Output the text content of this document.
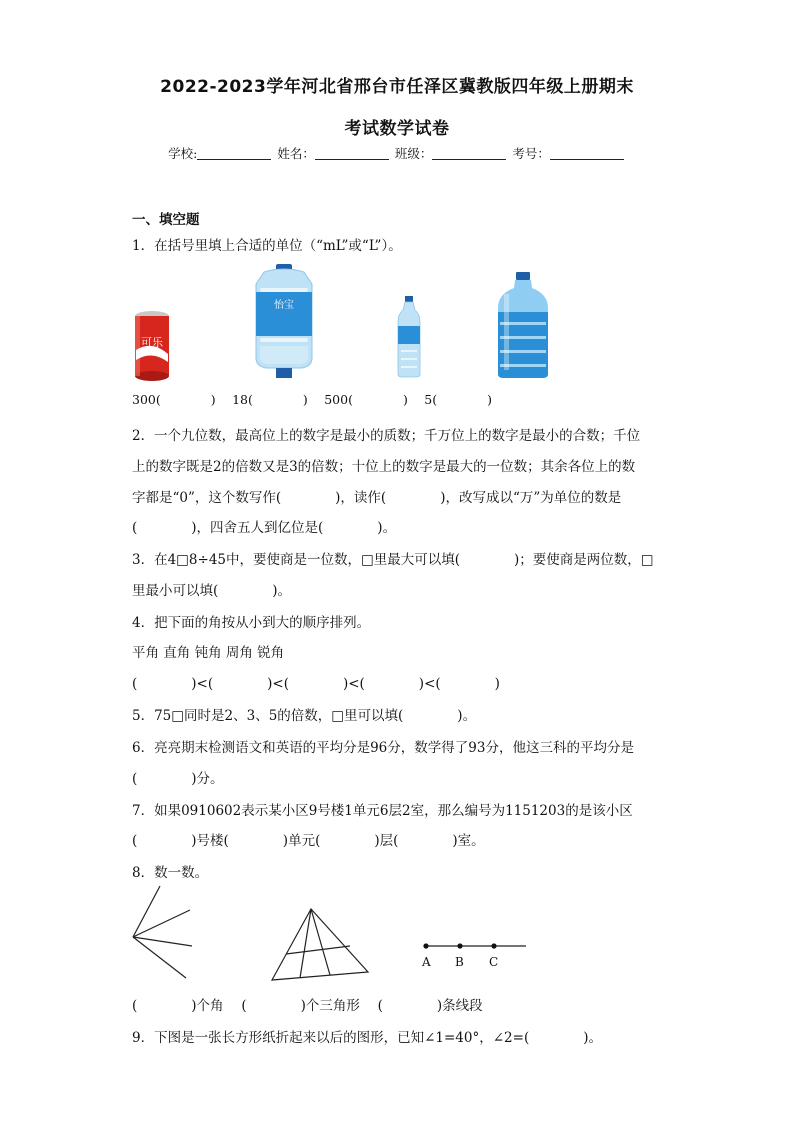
2022-2023学年河北省邢台市任泽区冀教版四年级上册期末
考试数学试卷
学校:	姓名：	班级：	考号：
一、填空题
1．在括号里填上合适的单位（“mL”或“L”）。
可乐
怡宝
300(　　　　)　 18(　　　　)　 500(　　　　)　 5(　　　　)
2．一个九位数，最高位上的数字是最小的质数；千万位上的数字是最小的合数；千位
上的数字既是2的倍数又是3的倍数；十位上的数字是最大的一位数；其余各位上的数
字都是“0”，这个数写作(　　　　)，读作(　　　　)，改写成以“万”为单位的数是
(　　　　)，四舍五人到亿位是(　　　　)。
3．在4□8÷45中，要使商是一位数，□里最大可以填(　　　　)；要使商是两位数，□
里最小可以填(　　　　)。
4．把下面的角按从小到大的顺序排列。
平角 直角 钝角 周角 锐角
(　　　　)<(　　　　)<(　　　　)<(　　　　)<(　　　　)
5．75□同时是2、3、5的倍数，□里可以填(　　　　)。
6．亮亮期末检测语文和英语的平均分是96分，数学得了93分，他这三科的平均分是
(　　　　)分。
7．如果0910602表示某小区9号楼1单元6层2室，那么编号为1151203的是该小区
(　　　　)号楼(　　　　)单元(　　　　)层(　　　　)室。
8．数一数。
A B C
(　　　　)个角　 (　　　　)个三角形　 (　　　　)条线段
9．下图是一张长方形纸折起来以后的图形，已知∠1=40°，∠2=(　　　　)。
